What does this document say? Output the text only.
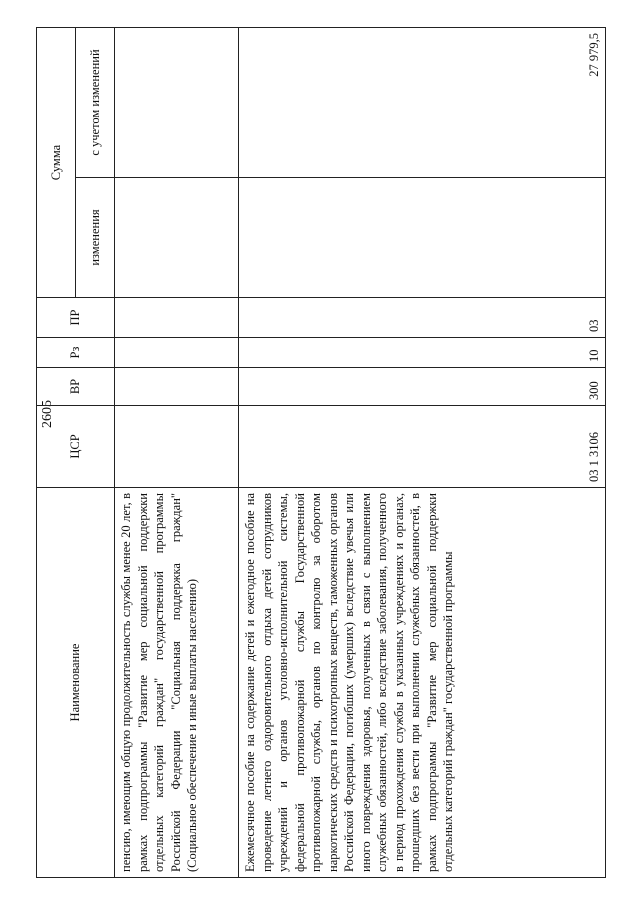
2605
Наименование	ЦСР	ВР	Рз	ПР	Сумма	
					изменения	с учетом изменений
пенсию, имеющим общую продолжительность службы менее 20 лет, в рамках подпрограммы "Развитие мер социальной поддержки отдельных категорий граждан" государственной программы Российской Федерации "Социальная поддержка граждан" (Социальное обеспечение и иные выплаты населению)						
Ежемесячное пособие на содержание детей и ежегодное пособие на проведение летнего оздоровительного отдыха детей сотрудников учреждений и органов уголовно-исполнительной системы, федеральной противопожарной службы Государственной противопожарной службы, органов по контролю за оборотом наркотических средств и психотропных веществ, таможенных органов Российской Федерации, погибших (умерших) вследствие увечья или иного повреждения здоровья, полученных в связи с выполнением служебных обязанностей, либо вследствие заболевания, полученного в период прохождения службы в указанных учреждениях и органах, прошедших без вести при выполнении служебных обязанностей, в рамках подпрограммы "Развитие мер социальной поддержки отдельных категорий граждан" государственной программы	03 1 3106	300	10	03		27 979,5
